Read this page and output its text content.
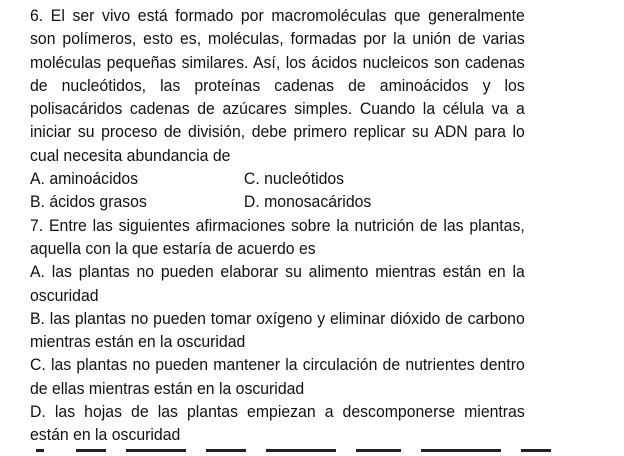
6. El ser vivo está formado por macromoléculas que generalmente son polímeros, esto es, moléculas, formadas por la unión de varias moléculas pequeñas similares. Así, los ácidos nucleicos son cadenas de nucleótidos, las proteínas cadenas de aminoácidos y los polisacáridos cadenas de azúcares simples. Cuando la célula va a iniciar su proceso de división, debe primero replicar su ADN para lo cual necesita abundancia de

A. aminoácidos	C. nucleótidos
B. ácidos grasos	D. monosacáridos

7. Entre las siguientes afirmaciones sobre la nutrición de las plantas, aquella con la que estaría de acuerdo es

A. las plantas no pueden elaborar su alimento mientras están en la oscuridad

B. las plantas no pueden tomar oxígeno y eliminar dióxido de carbono mientras están en la oscuridad

C. las plantas no pueden mantener la circulación de nutrientes dentro de ellas mientras están en la oscuridad

D. las hojas de las plantas empiezan a descomponerse mientras están en la oscuridad
